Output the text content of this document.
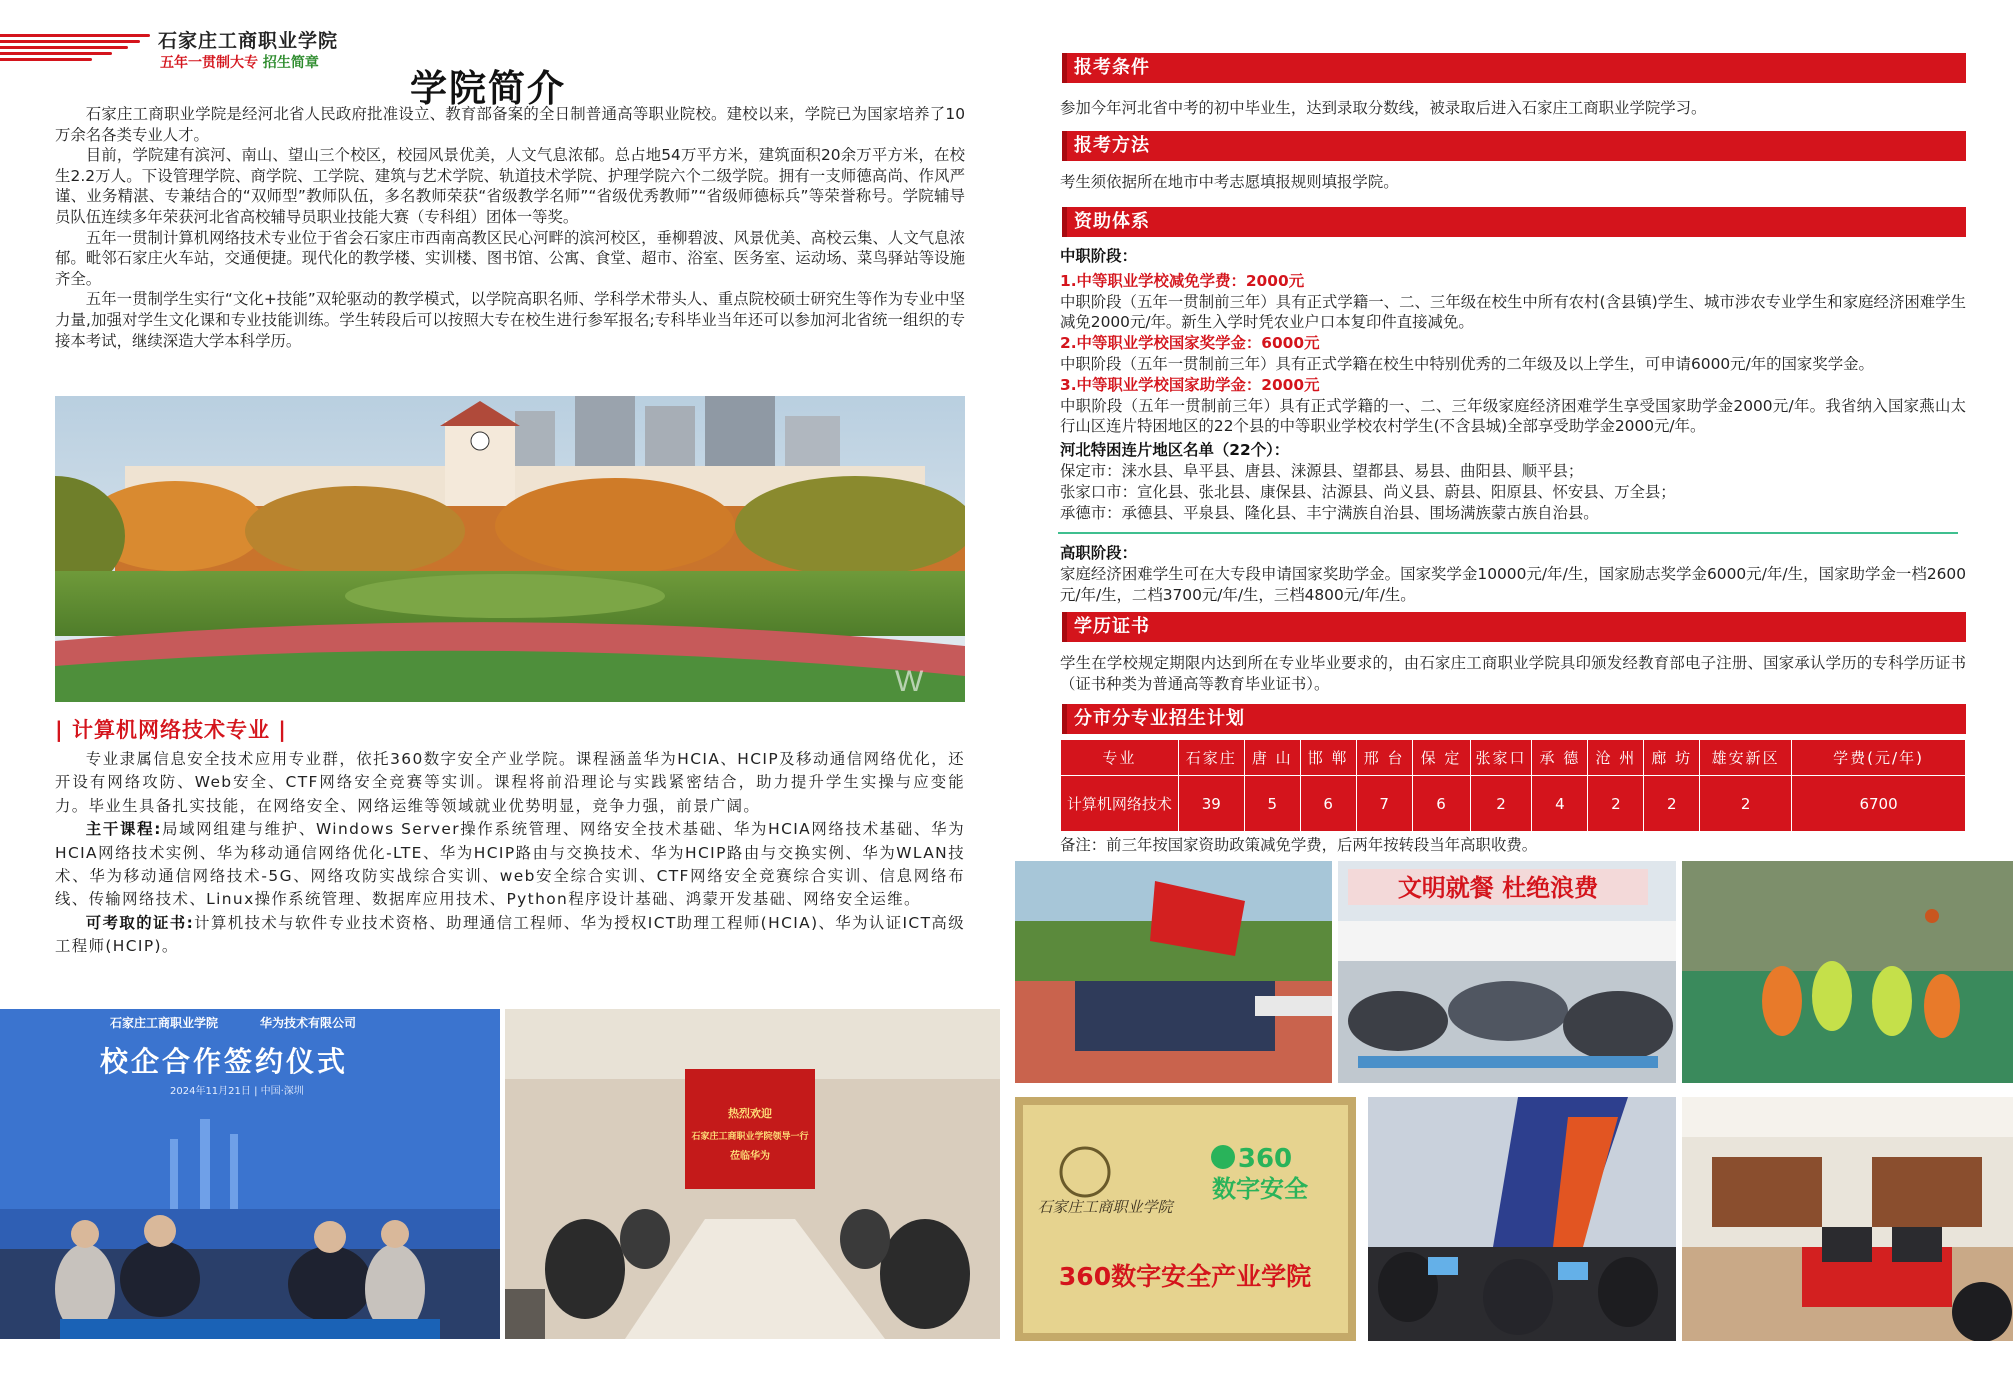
石家庄工商职业学院
五年一贯制大专 招生简章
学院简介

石家庄工商职业学院是经河北省人民政府批准设立、教育部备案的全日制普通高等职业院校。建校以来，学院已为国家培养了10万余名各类专业人才。

目前，学院建有滨河、南山、望山三个校区，校园风景优美，人文气息浓郁。总占地54万平方米，建筑面积20余万平方米，在校生2.2万人。下设管理学院、商学院、工学院、建筑与艺术学院、轨道技术学院、护理学院六个二级学院。拥有一支师德高尚、作风严谨、业务精湛、专兼结合的“双师型”教师队伍，多名教师荣获“省级教学名师”“省级优秀教师”“省级师德标兵”等荣誉称号。学院辅导员队伍连续多年荣获河北省高校辅导员职业技能大赛（专科组）团体一等奖。

五年一贯制计算机网络技术专业位于省会石家庄市西南高教区民心河畔的滨河校区，垂柳碧波、风景优美、高校云集、人文气息浓郁。毗邻石家庄火车站，交通便捷。现代化的教学楼、实训楼、图书馆、公寓、食堂、超市、浴室、医务室、运动场、菜鸟驿站等设施齐全。

五年一贯制学生实行“文化+技能”双轮驱动的教学模式，以学院高职名师、学科学术带头人、重点院校硕士研究生等作为专业中坚力量,加强对学生文化课和专业技能训练。学生转段后可以按照大专在校生进行参军报名;专科毕业当年还可以参加河北省统一组织的专接本考试，继续深造大学本科学历。

W
| 计算机网络技术专业 |

专业隶属信息安全技术应用专业群，依托360数字安全产业学院。课程涵盖华为HCIA、HCIP及移动通信网络优化，还开设有网络攻防、Web安全、CTF网络安全竞赛等实训。课程将前沿理论与实践紧密结合，助力提升学生实操与应变能力。毕业生具备扎实技能，在网络安全、网络运维等领域就业优势明显，竞争力强，前景广阔。

主干课程:局域网组建与维护、Windows Server操作系统管理、网络安全技术基础、华为HCIA网络技术基础、华为HCIA网络技术实例、华为移动通信网络优化-LTE、华为HCIP路由与交换技术、华为HCIP路由与交换实例、华为WLAN技术、华为移动通信网络技术-5G、网络攻防实战综合实训、web安全综合实训、CTF网络安全竞赛综合实训、信息网络布线、传输网络技术、Linux操作系统管理、数据库应用技术、Python程序设计基础、鸿蒙开发基础、网络安全运维。

可考取的证书:计算机技术与软件专业技术资格、助理通信工程师、华为授权ICT助理工程师(HCIA)、华为认证ICT高级工程师(HCIP)。

石家庄工商职业学院	华为技术有限公司
校企合作签约仪式
2024年11月21日 | 中国·深圳
热烈欢迎
石家庄工商职业学院领导一行
莅临华为
报考条件

参加今年河北省中考的初中毕业生，达到录取分数线，被录取后进入石家庄工商职业学院学习。

报考方法

考生须依据所在地市中考志愿填报规则填报学院。

资助体系

中职阶段：

1.中等职业学校减免学费：2000元

中职阶段（五年一贯制前三年）具有正式学籍一、二、三年级在校生中所有农村(含县镇)学生、城市涉农专业学生和家庭经济困难学生减免2000元/年。新生入学时凭农业户口本复印件直接减免。

2.中等职业学校国家奖学金：6000元

中职阶段（五年一贯制前三年）具有正式学籍在校生中特别优秀的二年级及以上学生，可申请6000元/年的国家奖学金。

3.中等职业学校国家助学金：2000元

中职阶段（五年一贯制前三年）具有正式学籍的一、二、三年级家庭经济困难学生享受国家助学金2000元/年。我省纳入国家燕山太行山区连片特困地区的22个县的中等职业学校农村学生(不含县城)全部享受助学金2000元/年。

河北特困连片地区名单（22个）：

保定市：涞水县、阜平县、唐县、涞源县、望都县、易县、曲阳县、顺平县；

张家口市：宣化县、张北县、康保县、沽源县、尚义县、蔚县、阳原县、怀安县、万全县；

承德市：承德县、平泉县、隆化县、丰宁满族自治县、围场满族蒙古族自治县。

高职阶段：

家庭经济困难学生可在大专段申请国家奖助学金。国家奖学金10000元/年/生，国家励志奖学金6000元/年/生，国家助学金一档2600元/年/生，二档3700元/年/生，三档4800元/年/生。

学历证书

学生在学校规定期限内达到所在专业毕业要求的，由石家庄工商职业学院具印颁发经教育部电子注册、国家承认学历的专科学历证书（证书种类为普通高等教育毕业证书）。

分市分专业招生计划
专业	石家庄	唐 山	邯 郸	邢 台	保 定	张家口	承 德	沧 州	廊 坊	雄安新区	学费(元/年)
计算机网络技术	39	5	6	7	6	2	4	2	2	2	6700
备注：前三年按国家资助政策减免学费，后两年按转段当年高职收费。
文明就餐 杜绝浪费
石家庄工商职业学院
360
数字安全
360数字安全产业学院
